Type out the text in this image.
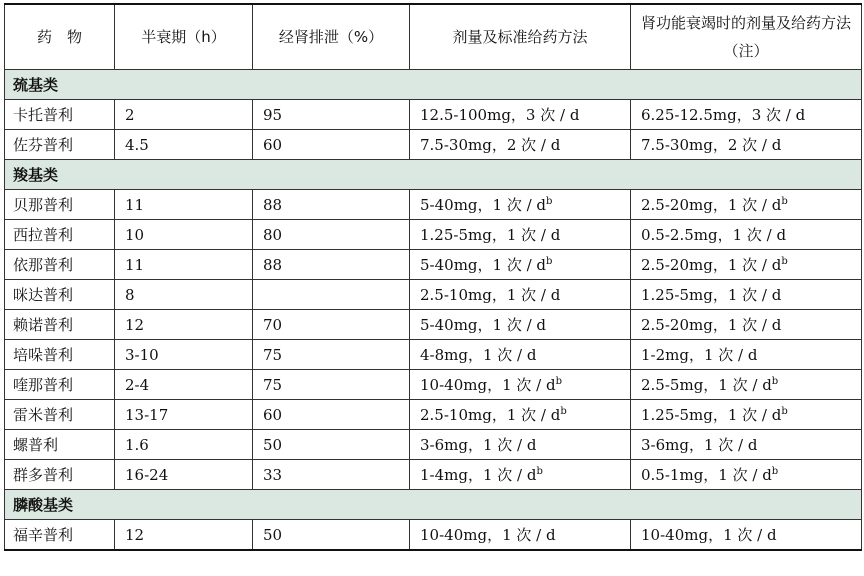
药　物	半衰期（h）	经肾排泄（%）	剂量及标准给药方法	肾功能衰竭时的剂量及给药方法（注）
巯基类				
卡托普利	2	95	12.5-100mg，3 次 / d	6.25-12.5mg，3 次 / d
佐芬普利	4.5	60	7.5-30mg，2 次 / d	7.5-30mg，2 次 / d
羧基类				
贝那普利	11	88	5-40mg，1 次 / $d^b$	2.5-20mg，1 次 / $d^b$
西拉普利	10	80	1.25-5mg，1 次 / d	0.5-2.5mg，1 次 / d
依那普利	11	88	5-40mg，1 次 / $d^b$	2.5-20mg，1 次 / $d^b$
咪达普利	8		2.5-10mg，1 次 / d	1.25-5mg，1 次 / d
赖诺普利	12	70	5-40mg，1 次 / d	2.5-20mg，1 次 / d
培哚普利	3-10	75	4-8mg，1 次 / d	1-2mg，1 次 / d
喹那普利	2-4	75	10-40mg，1 次 / $d^b$	2.5-5mg，1 次 / $d^b$
雷米普利	13-17	60	2.5-10mg，1 次 / $d^b$	1.25-5mg，1 次 / $d^b$
螺普利	1.6	50	3-6mg，1 次 / d	3-6mg，1 次 / d
群多普利	16-24	33	1-4mg，1 次 / $d^b$	0.5-1mg，1 次 / $d^b$
膦酸基类				
福辛普利	12	50	10-40mg，1 次 / d	10-40mg，1 次 / d
